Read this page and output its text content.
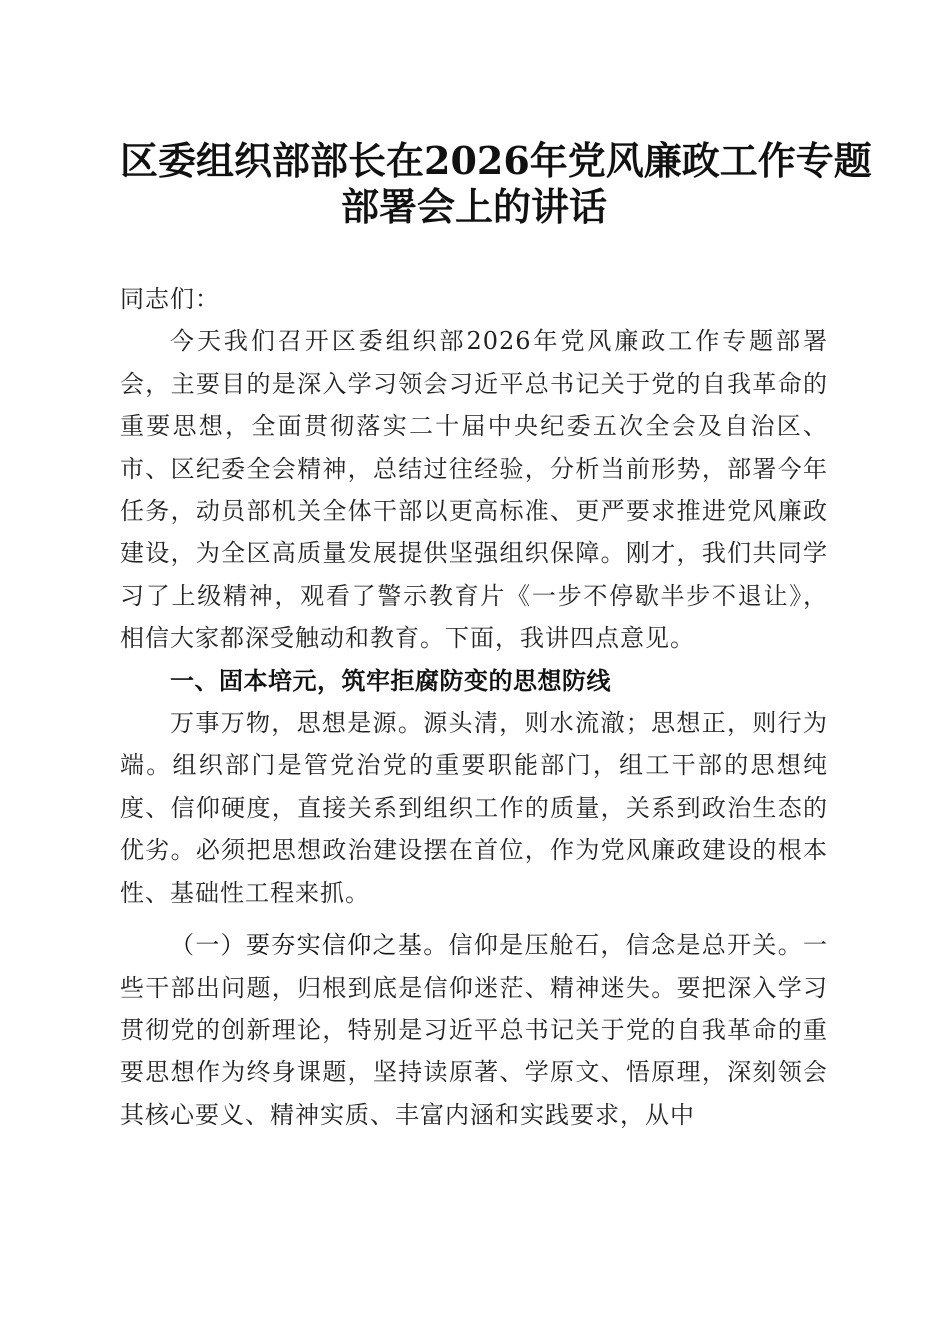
区委组织部部长在2026年党风廉政工作专题
部署会上的讲话

同志们：

今天我们召开区委组织部2026年党风廉政工作专题部署会，主要目的是深入学习领会习近平总书记关于党的自我革命的重要思想，全面贯彻落实二十届中央纪委五次全会及自治区、市、区纪委全会精神，总结过往经验，分析当前形势，部署今年任务，动员部机关全体干部以更高标准、更严要求推进党风廉政建设，为全区高质量发展提供坚强组织保障。刚才，我们共同学习了上级精神，观看了警示教育片《一步不停歇半步不退让》，相信大家都深受触动和教育。下面，我讲四点意见。

一、固本培元，筑牢拒腐防变的思想防线

万事万物，思想是源。源头清，则水流澈；思想正，则行为端。组织部门是管党治党的重要职能部门，组工干部的思想纯度、信仰硬度，直接关系到组织工作的质量，关系到政治生态的优劣。必须把思想政治建设摆在首位，作为党风廉政建设的根本性、基础性工程来抓。

（一）要夯实信仰之基。信仰是压舱石，信念是总开关。一些干部出问题，归根到底是信仰迷茫、精神迷失。要把深入学习贯彻党的创新理论，特别是习近平总书记关于党的自我革命的重要思想作为终身课题，坚持读原著、学原文、悟原理，深刻领会其核心要义、精神实质、丰富内涵和实践要求，从中
